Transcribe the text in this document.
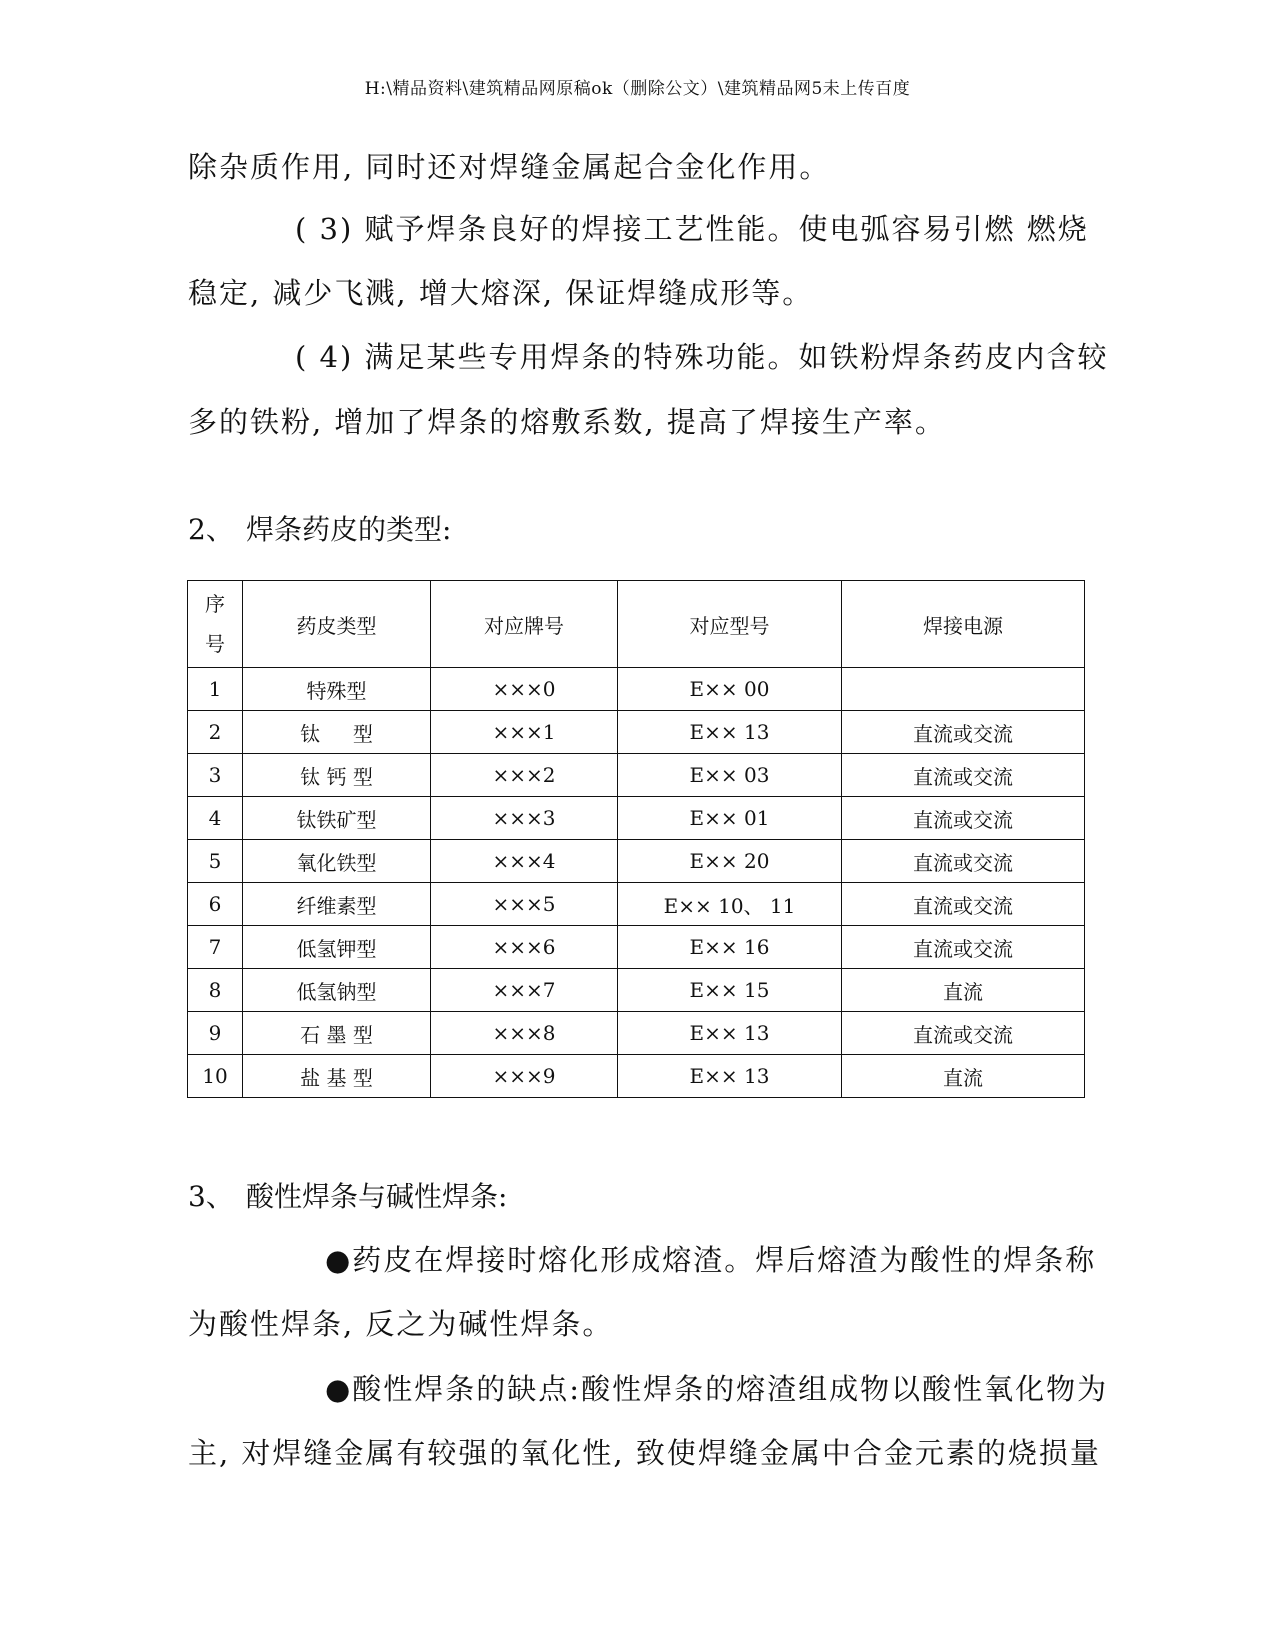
H:\精品资料\建筑精品网原稿ok（删除公文）\建筑精品网5未上传百度
除杂质作用, 同时还对焊缝金属起合金化作用。
( 3) 赋予焊条良好的焊接工艺性能。使电弧容易引燃 燃烧
稳定, 减少飞溅, 增大熔深, 保证焊缝成形等。
( 4) 满足某些专用焊条的特殊功能。如铁粉焊条药皮内含较
多的铁粉, 增加了焊条的熔敷系数, 提高了焊接生产率。
2、 焊条药皮的类型:
序号	药皮类型	对应牌号	对应型号	焊接电源
1	特殊型	×××0	E×× 00	
2	钛 　 型	×××1	E×× 13	直流或交流
3	钛 钙 型	×××2	E×× 03	直流或交流
4	钛铁矿型	×××3	E×× 01	直流或交流
5	氧化铁型	×××4	E×× 20	直流或交流
6	纤维素型	×××5	E×× 10、 11	直流或交流
7	低氢钾型	×××6	E×× 16	直流或交流
8	低氢钠型	×××7	E×× 15	直流
9	石 墨 型	×××8	E×× 13	直流或交流
10	盐 基 型	×××9	E×× 13	直流
3、 酸性焊条与碱性焊条:
●药皮在焊接时熔化形成熔渣。焊后熔渣为酸性的焊条称
为酸性焊条, 反之为碱性焊条。
●酸性焊条的缺点:酸性焊条的熔渣组成物以酸性氧化物为
主, 对焊缝金属有较强的氧化性, 致使焊缝金属中合金元素的烧损量
